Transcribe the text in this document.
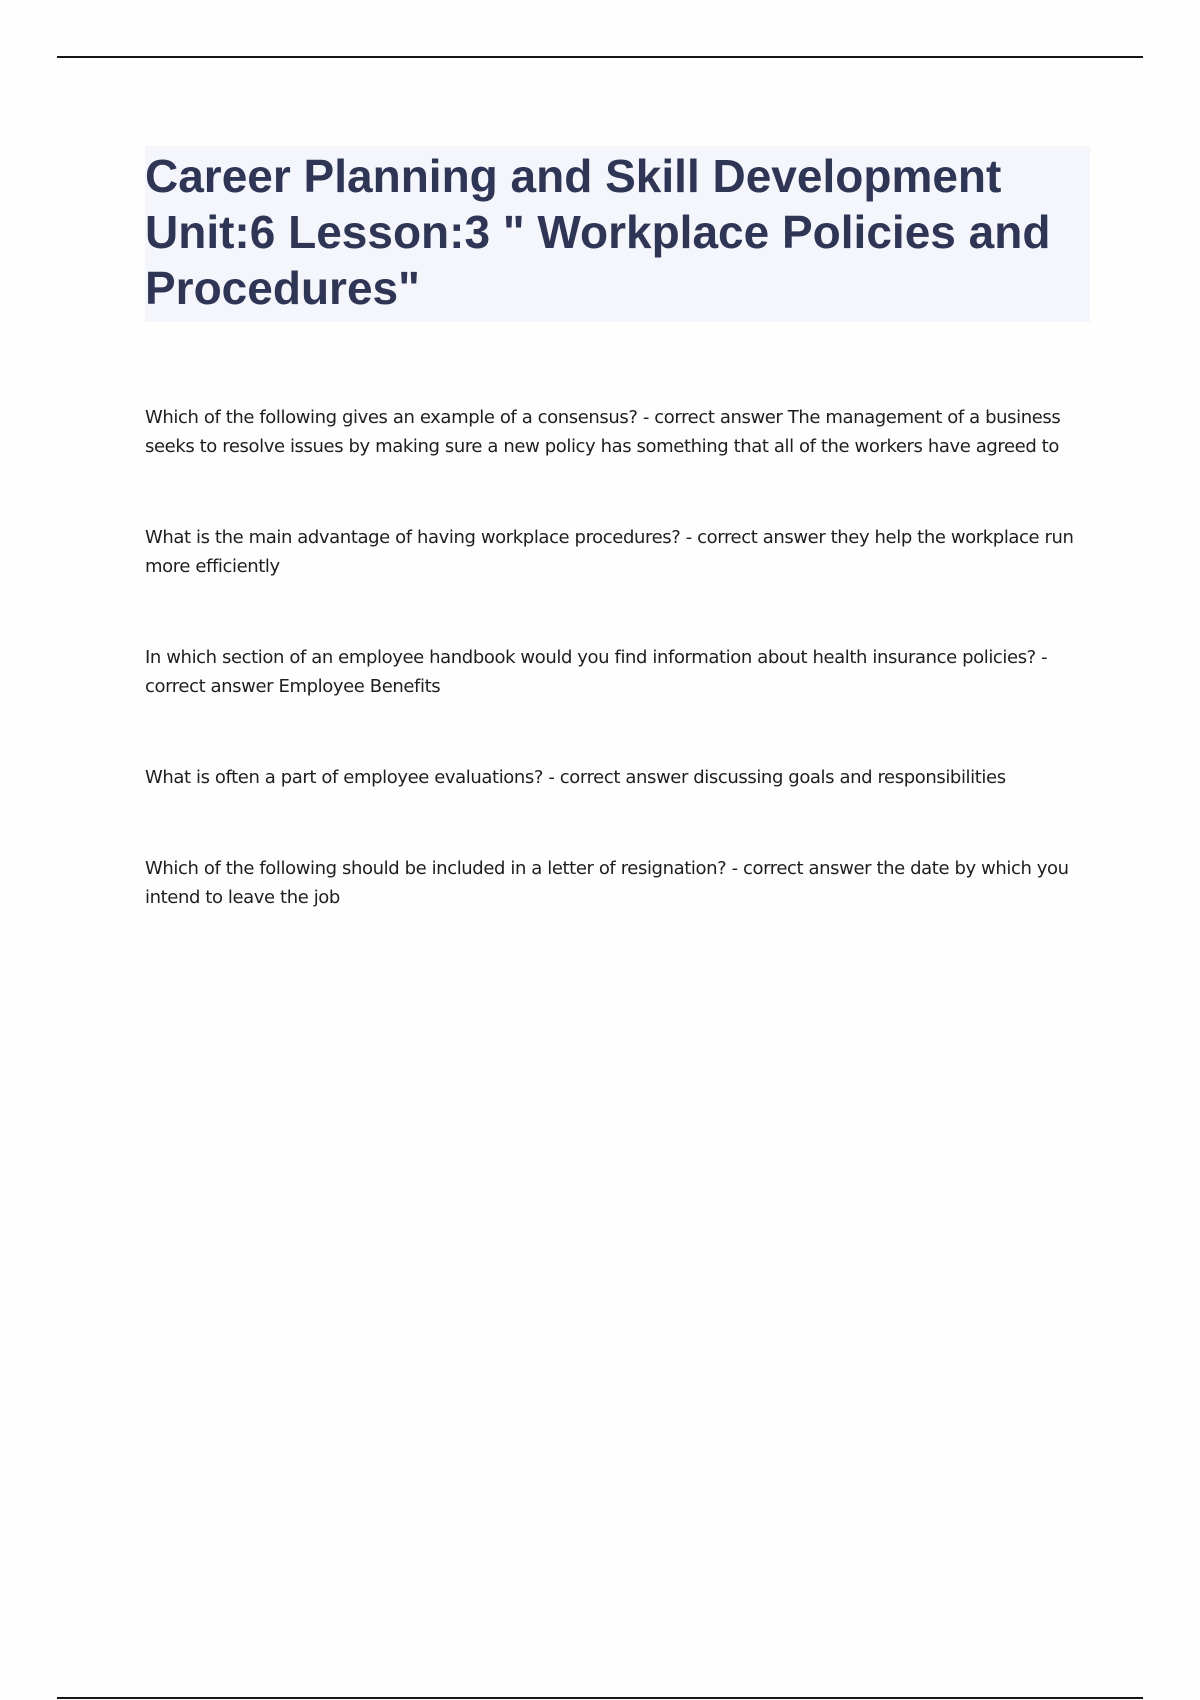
Career Planning and Skill Development Unit:6 Lesson:3 " Workplace Policies and Procedures"
Which of the following gives an example of a consensus? - correct answer The management of a business seeks to resolve issues by making sure a new policy has something that all of the workers have agreed to
What is the main advantage of having workplace procedures? - correct answer they help the workplace run more efficiently
In which section of an employee handbook would you find information about health insurance policies? - correct answer Employee Benefits
What is often a part of employee evaluations? - correct answer discussing goals and responsibilities
Which of the following should be included in a letter of resignation? - correct answer the date by which you intend to leave the job
